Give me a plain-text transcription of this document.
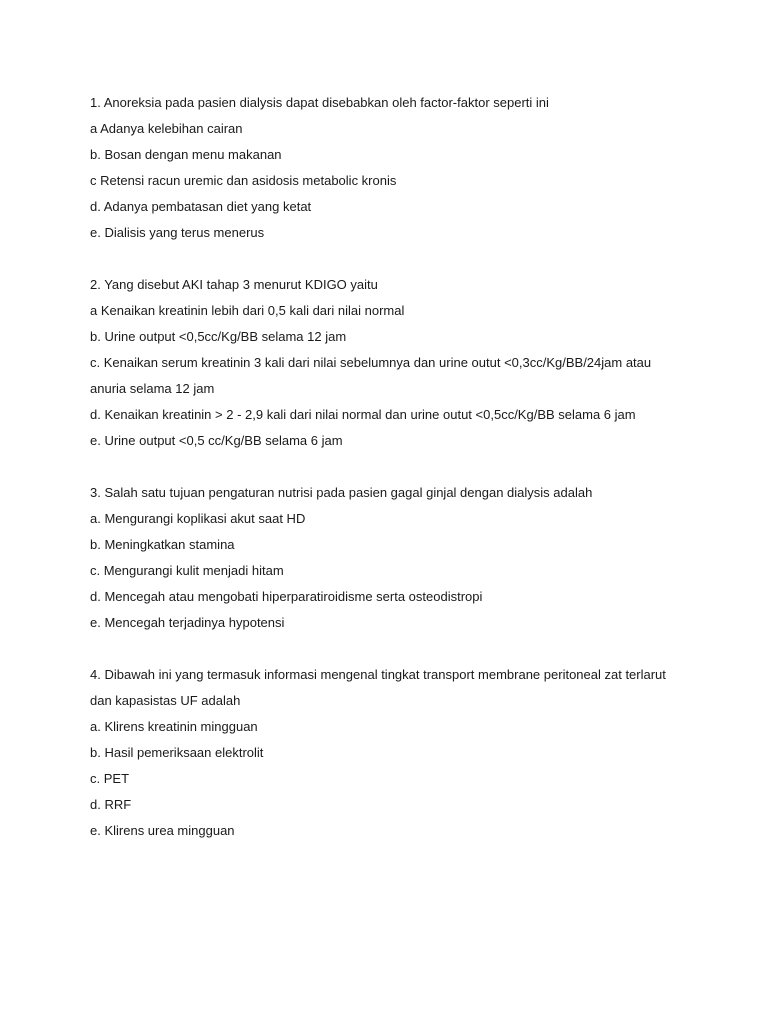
1. Anoreksia pada pasien dialysis dapat disebabkan oleh factor-faktor seperti ini
a Adanya kelebihan cairan
b. Bosan dengan menu makanan
c Retensi racun uremic dan asidosis metabolic kronis
d. Adanya pembatasan diet yang ketat
e. Dialisis yang terus menerus
2. Yang disebut AKI tahap 3 menurut KDIGO yaitu
a Kenaikan kreatinin lebih dari 0,5 kali dari nilai normal
b. Urine output <0,5cc/Kg/BB selama 12 jam
c. Kenaikan serum kreatinin 3 kali dari nilai sebelumnya dan urine outut <0,3cc/Kg/BB/24jam atau anuria selama 12 jam
d. Kenaikan kreatinin > 2 - 2,9 kali dari nilai normal dan urine outut <0,5cc/Kg/BB selama 6 jam
e. Urine output <0,5 cc/Kg/BB selama 6 jam
3. Salah satu tujuan pengaturan nutrisi pada pasien gagal ginjal dengan dialysis adalah
a. Mengurangi koplikasi akut saat HD
b. Meningkatkan stamina
c. Mengurangi kulit menjadi hitam
d. Mencegah atau mengobati hiperparatiroidisme serta osteodistropi
e. Mencegah terjadinya hypotensi
4. Dibawah ini yang termasuk informasi mengenal tingkat transport membrane peritoneal zat terlarut dan kapasistas UF adalah
a. Klirens kreatinin mingguan
b. Hasil pemeriksaan elektrolit
c. PET
d. RRF
e. Klirens urea mingguan
